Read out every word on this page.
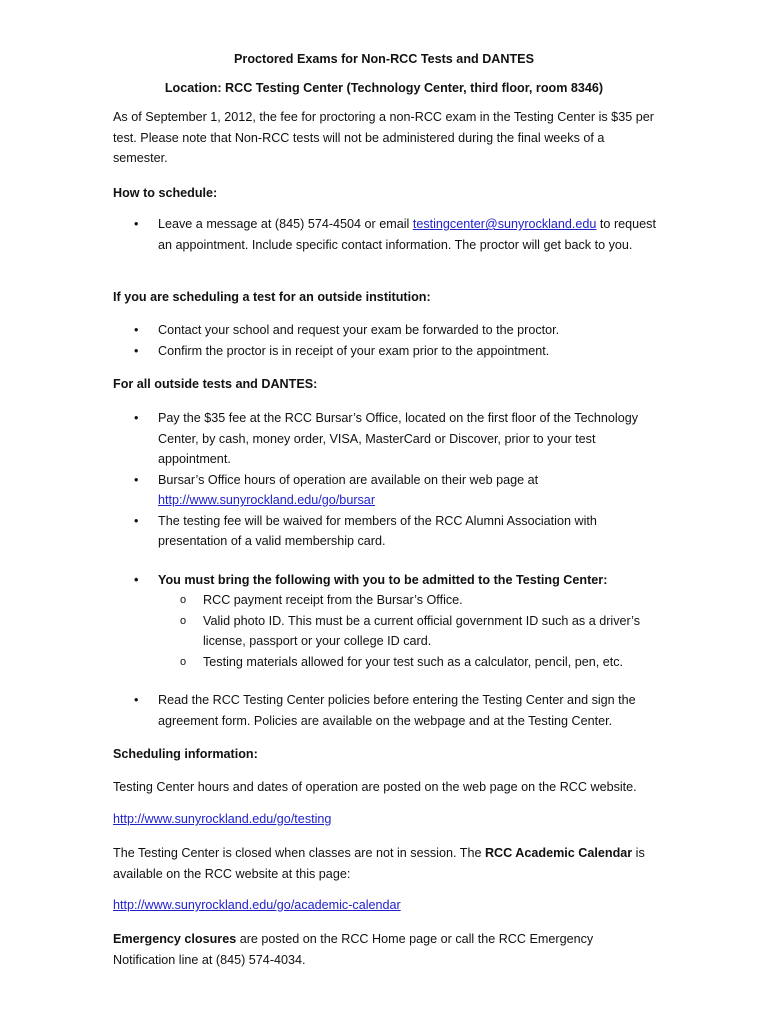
Proctored Exams for Non-RCC Tests and DANTES

Location: RCC Testing Center (Technology Center, third floor, room 8346)

As of September 1, 2012, the fee for proctoring a non-RCC exam in the Testing Center is $35 per test. Please note that Non-RCC tests will not be administered during the final weeks of a semester.

How to schedule:

• Leave a message at (845) 574-4504 or email testingcenter@sunyrockland.edu to request an appointment. Include specific contact information. The proctor will get back to you.

If you are scheduling a test for an outside institution:

• Contact your school and request your exam be forwarded to the proctor.
• Confirm the proctor is in receipt of your exam prior to the appointment.

For all outside tests and DANTES:

• Pay the $35 fee at the RCC Bursar’s Office, located on the first floor of the Technology Center, by cash, money order, VISA, MasterCard or Discover, prior to your test appointment.
• Bursar’s Office hours of operation are available on their web page at
http://www.sunyrockland.edu/go/bursar
• The testing fee will be waived for members of the RCC Alumni Association with presentation of a valid membership card.
• You must bring the following with you to be admitted to the Testing Center:
o RCC payment receipt from the Bursar’s Office.
o Valid photo ID. This must be a current official government ID such as a driver’s license, passport or your college ID card.
o Testing materials allowed for your test such as a calculator, pencil, pen, etc.
• Read the RCC Testing Center policies before entering the Testing Center and sign the agreement form. Policies are available on the webpage and at the Testing Center.

Scheduling information:

Testing Center hours and dates of operation are posted on the web page on the RCC website.

http://www.sunyrockland.edu/go/testing

The Testing Center is closed when classes are not in session. The RCC Academic Calendar is available on the RCC website at this page:

http://www.sunyrockland.edu/go/academic-calendar

Emergency closures are posted on the RCC Home page or call the RCC Emergency Notification line at (845) 574-4034.
